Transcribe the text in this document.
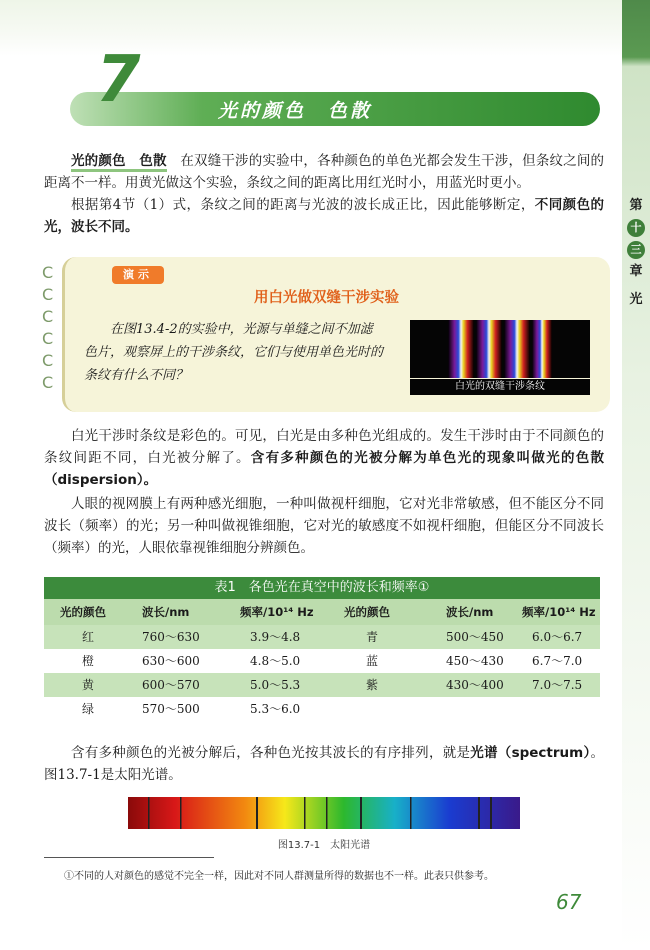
第
十
三
章
光
7	光的颜色　色散
光的颜色　色散　在双缝干涉的实验中，各种颜色的单色光都会发生干涉，但条纹之间的距离不一样。用黄光做这个实验，条纹之间的距离比用红光时小，用蓝光时更小。
根据第4节（1）式，条纹之间的距离与光波的波长成正比，因此能够断定，不同颜色的光，波长不同。
C
C
C
C
C
C
演示
用白光做双缝干涉实验
在图13.4-2的实验中，光源与单缝之间不加滤色片，观察屏上的干涉条纹，它们与使用单色光时的条纹有什么不同？
白光的双缝干涉条纹
白光干涉时条纹是彩色的。可见，白光是由多种色光组成的。发生干涉时由于不同颜色的条纹间距不同，白光被分解了。含有多种颜色的光被分解为单色光的现象叫做光的色散（dispersion）。
人眼的视网膜上有两种感光细胞，一种叫做视杆细胞，它对光非常敏感，但不能区分不同波长（频率）的光；另一种叫做视锥细胞，它对光的敏感度不如视杆细胞，但能区分不同波长（频率）的光，人眼依靠视锥细胞分辨颜色。
表1　各色光在真空中的波长和频率①
光的颜色	波长/nm	频率/10¹⁴ Hz	光的颜色	波长/nm 频率/10¹⁴ Hz
红	760～630	3.9～4.8	青	500～450 6.0～6.7
橙	630～600	4.8～5.0	蓝	450～430 6.7～7.0
黄	600～570	5.0～5.3	紫	430～400 7.0～7.5
绿	570～500	5.3～6.0
含有多种颜色的光被分解后，各种色光按其波长的有序排列，就是光谱（spectrum）。图13.7-1是太阳光谱。
图13.7-1　太阳光谱
①不同的人对颜色的感觉不完全一样，因此对不同人群测量所得的数据也不一样。此表只供参考。
67
